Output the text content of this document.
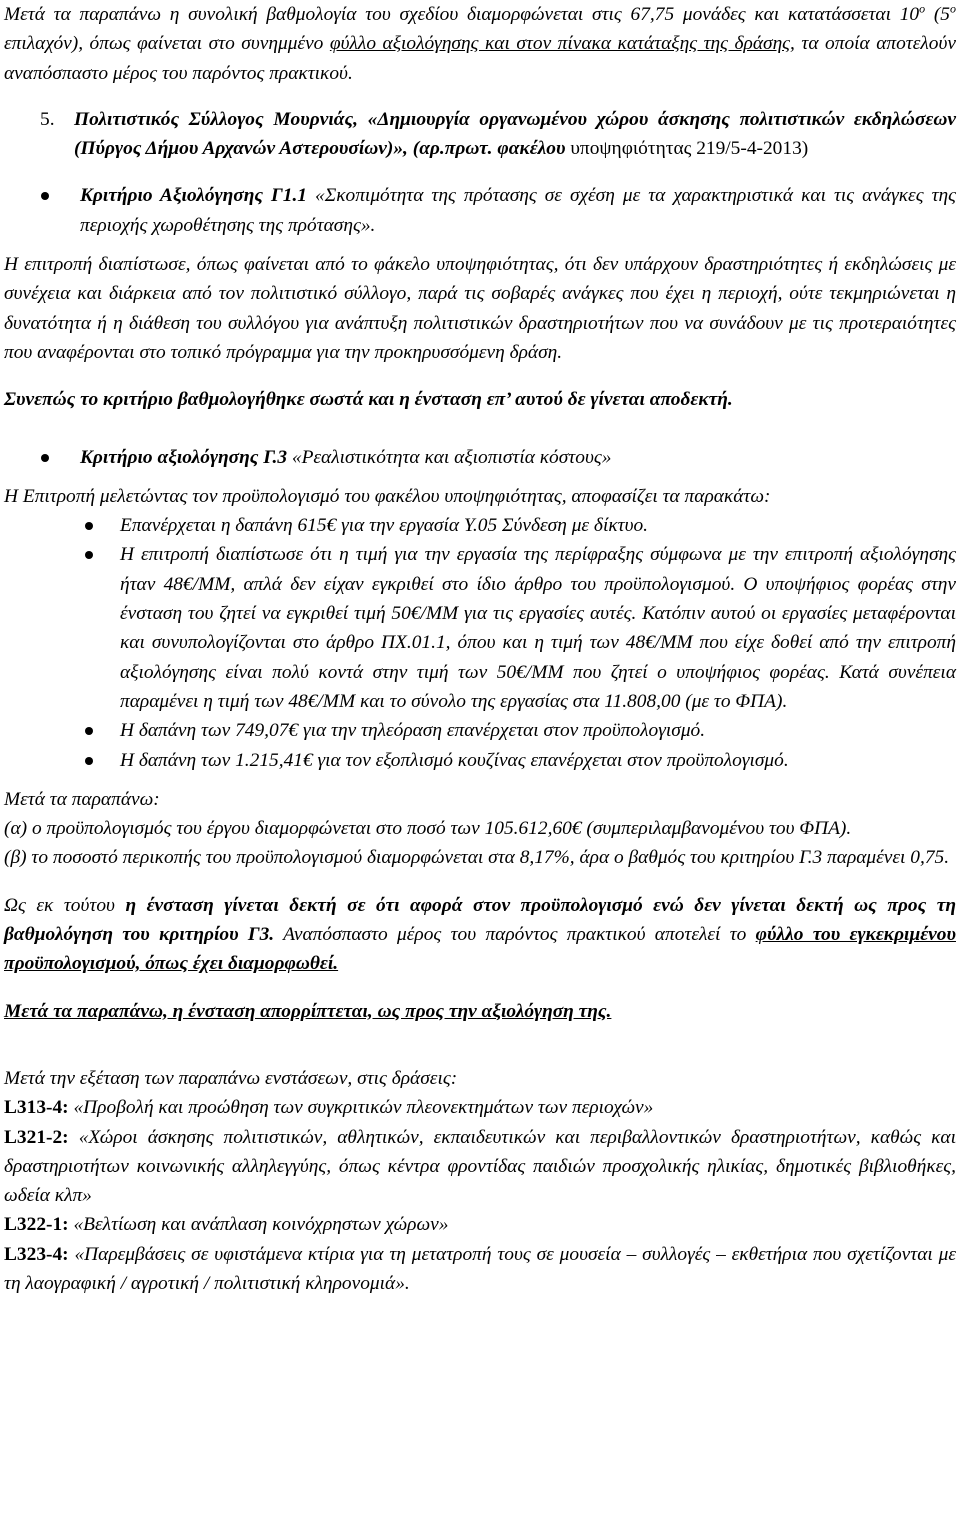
Μετά τα παραπάνω η συνολική βαθμολογία του σχεδίου διαμορφώνεται στις 67,75 μονάδες και κατατάσσεται $10^o$ ($5^o$ επιλαχόν), όπως φαίνεται στο συνημμένο φύλλο αξιολόγησης και στον πίνακα κατάταξης της δράσης, τα οποία αποτελούν αναπόσπαστο μέρος του παρόντος πρακτικού.

5.	Πολιτιστικός Σύλλογος Μουρνιάς, «Δημιουργία οργανωμένου χώρου άσκησης πολιτιστικών εκδηλώσεων (Πύργος Δήμου Αρχανών Αστερουσίων)», (αρ.πρωτ. φακέλου υποψηφιότητας 219/5-4-2013)
Κριτήριο Αξιολόγησης Γ1.1 «Σκοπιμότητα της πρότασης σε σχέση με τα χαρακτηριστικά και τις ανάγκες της περιοχής χωροθέτησης της πρότασης».

Η επιτροπή διαπίστωσε, όπως φαίνεται από το φάκελο υποψηφιότητας, ότι δεν υπάρχουν δραστηριότητες ή εκδηλώσεις με συνέχεια και διάρκεια από τον πολιτιστικό σύλλογο, παρά τις σοβαρές ανάγκες που έχει η περιοχή, ούτε τεκμηριώνεται η δυνατότητα ή η διάθεση του συλλόγου για ανάπτυξη πολιτιστικών δραστηριοτήτων που να συνάδουν με τις προτεραιότητες που αναφέρονται στο τοπικό πρόγραμμα για την προκηρυσσόμενη δράση.

Συνεπώς το κριτήριο βαθμολογήθηκε σωστά και η ένσταση επ’ αυτού δε γίνεται αποδεκτή.

Κριτήριο αξιολόγησης Γ.3 «Ρεαλιστικότητα και αξιοπιστία κόστους»

Η Επιτροπή μελετώντας τον προϋπολογισμό του φακέλου υποψηφιότητας, αποφασίζει τα παρακάτω:

Επανέρχεται η δαπάνη 615€ για την εργασία Υ.05 Σύνδεση με δίκτυο.
Η επιτροπή διαπίστωσε ότι η τιμή για την εργασία της περίφραξης σύμφωνα με την επιτροπή αξιολόγησης ήταν 48€/ΜΜ, απλά δεν είχαν εγκριθεί στο ίδιο άρθρο του προϋπολογισμού. Ο υποψήφιος φορέας στην ένσταση του ζητεί να εγκριθεί τιμή 50€/ΜΜ για τις εργασίες αυτές. Κατόπιν αυτού οι εργασίες μεταφέρονται και συνυπολογίζονται στο άρθρο ΠΧ.01.1, όπου και η τιμή των 48€/ΜΜ που είχε δοθεί από την επιτροπή αξιολόγησης είναι πολύ κοντά στην τιμή των 50€/ΜΜ που ζητεί ο υποψήφιος φορέας. Κατά συνέπεια παραμένει η τιμή των 48€/ΜΜ και το σύνολο της εργασίας στα 11.808,00 (με το ΦΠΑ).
Η δαπάνη των 749,07€ για την τηλεόραση επανέρχεται στον προϋπολογισμό.
Η δαπάνη των 1.215,41€ για τον εξοπλισμό κουζίνας επανέρχεται στον προϋπολογισμό.

Μετά τα παραπάνω:

(α) ο προϋπολογισμός του έργου διαμορφώνεται στο ποσό των 105.612,60€ (συμπεριλαμβανομένου του ΦΠΑ).

(β) το ποσοστό περικοπής του προϋπολογισμού διαμορφώνεται στα 8,17%, άρα ο βαθμός του κριτηρίου Γ.3 παραμένει 0,75.

Ως εκ τούτου η ένσταση γίνεται δεκτή σε ότι αφορά στον προϋπολογισμό ενώ δεν γίνεται δεκτή ως προς τη βαθμολόγηση του κριτηρίου Γ3. Αναπόσπαστο μέρος του παρόντος πρακτικού αποτελεί το φύλλο του εγκεκριμένου προϋπολογισμού, όπως έχει διαμορφωθεί.

Μετά τα παραπάνω, η ένσταση απορρίπτεται, ως προς την αξιολόγηση της.

Μετά την εξέταση των παραπάνω ενστάσεων, στις δράσεις:

L313-4: «Προβολή και προώθηση των συγκριτικών πλεονεκτημάτων των περιοχών»

L321-2: «Χώροι άσκησης πολιτιστικών, αθλητικών, εκπαιδευτικών και περιβαλλοντικών δραστηριοτήτων, καθώς και δραστηριοτήτων κοινωνικής αλληλεγγύης, όπως κέντρα φροντίδας παιδιών προσχολικής ηλικίας, δημοτικές βιβλιοθήκες, ωδεία κλπ»

L322-1: «Βελτίωση και ανάπλαση κοινόχρηστων χώρων»

L323-4: «Παρεμβάσεις σε υφιστάμενα κτίρια για τη μετατροπή τους σε μουσεία – συλλογές – εκθετήρια που σχετίζονται με τη λαογραφική / αγροτική / πολιτιστική κληρονομιά».
